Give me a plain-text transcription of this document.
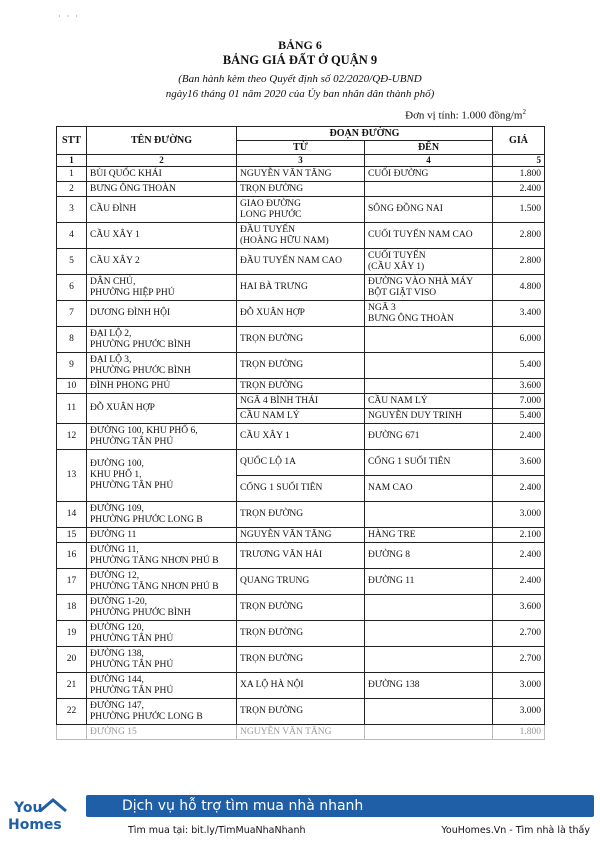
· · ·
BẢNG 6
BẢNG GIÁ ĐẤT Ở QUẬN 9
(Ban hành kèm theo Quyết định số 02/2020/QĐ-UBND
ngày16 tháng 01 năm 2020 của Ủy ban nhân dân thành phố)
Đơn vị tính: 1.000 đồng/$m^2$
STT	TÊN ĐƯỜNG	ĐOẠN ĐƯỜNG		GIÁ
		TỪ	ĐẾN	
1	2	3	4	5
1	BÙI QUỐC KHÁI	NGUYỄN VĂN TĂNG	CUỐI ĐƯỜNG	1.800
2	BƯNG ÔNG THOÀN	TRỌN ĐƯỜNG		2.400
3	CẦU ĐÌNH	GIAO ĐƯỜNG
LONG PHƯỚC	SÔNG ĐỒNG NAI	1.500
4	CẦU XÂY 1	ĐẦU TUYẾN
(HOÀNG HỮU NAM)	CUỐI TUYẾN NAM CAO	2.800
5	CẦU XÂY 2	ĐẦU TUYẾN NAM CAO	CUỐI TUYẾN
(CẦU XÂY 1)	2.800
6	DÂN CHỦ,
PHƯỜNG HIỆP PHÚ	HAI BÀ TRƯNG	ĐƯỜNG VÀO NHÀ MÁY
BỘT GIẶT VISO	4.800
7	DƯƠNG ĐÌNH HỘI	ĐỖ XUÂN HỢP	NGÃ 3
BƯNG ÔNG THOÀN	3.400
8	ĐẠI LỘ 2,
PHƯỜNG PHƯỚC BÌNH	TRỌN ĐƯỜNG		6.000
9	ĐẠI LỘ 3,
PHƯỜNG PHƯỚC BÌNH	TRỌN ĐƯỜNG		5.400
10	ĐÌNH PHONG PHÚ	TRỌN ĐƯỜNG		3.600
11	ĐỖ XUÂN HỢP	NGÃ 4 BÌNH THÁI	CẦU NAM LÝ	7.000
		CẦU NAM LÝ	NGUYỄN DUY TRINH	5.400
12	ĐƯỜNG 100, KHU PHỐ 6,
PHƯỜNG TÂN PHÚ	CẦU XÂY 1	ĐƯỜNG 671	2.400
13	ĐƯỜNG 100,
KHU PHỐ 1,
PHƯỜNG TÂN PHÚ	QUỐC LỘ 1A	CỔNG 1 SUỐI TIÊN	3.600
		CỔNG 1 SUỐI TIÊN	NAM CAO	2.400
14	ĐƯỜNG 109,
PHƯỜNG PHƯỚC LONG B	TRỌN ĐƯỜNG		3.000
15	ĐƯỜNG 11	NGUYỄN VĂN TĂNG	HÀNG TRE	2.100
16	ĐƯỜNG 11,
PHƯỜNG TĂNG NHƠN PHÚ B	TRƯƠNG VĂN HẢI	ĐƯỜNG 8	2.400
17	ĐƯỜNG 12,
PHƯỜNG TĂNG NHƠN PHÚ B	QUANG TRUNG	ĐƯỜNG 11	2.400
18	ĐƯỜNG 1-20,
PHƯỜNG PHƯỚC BÌNH	TRỌN ĐƯỜNG		3.600
19	ĐƯỜNG 120,
PHƯỜNG TÂN PHÚ	TRỌN ĐƯỜNG		2.700
20	ĐƯỜNG 138,
PHƯỜNG TÂN PHÚ	TRỌN ĐƯỜNG		2.700
21	ĐƯỜNG 144,
PHƯỜNG TÂN PHÚ	XA LỘ HÀ NỘI	ĐƯỜNG 138	3.000
22	ĐƯỜNG 147,
PHƯỜNG PHƯỚC LONG B	TRỌN ĐƯỜNG		3.000
	ĐƯỜNG 15	NGUYỄN VĂN TĂNG		1.800
You
Homes
Dịch vụ hỗ trợ tìm mua nhà nhanh
Tìm mua tại: bit.ly/TimMuaNhaNhanh	YouHomes.Vn - Tìm nhà là thấy
